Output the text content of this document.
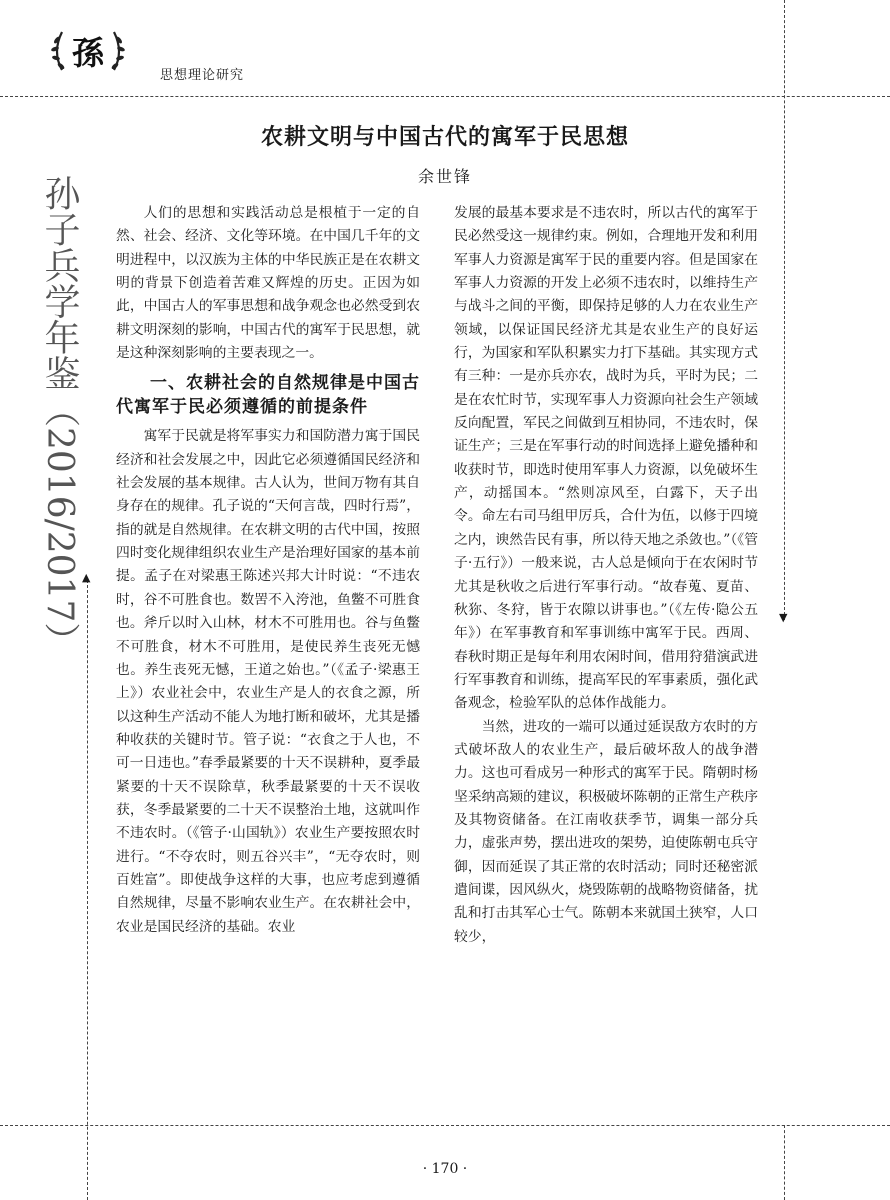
▲
▼
孫
思想理论研究
农耕文明与中国古代的寓军于民思想
余世锋
孙子兵学年鉴（2016/2017）	人们的思想和实践活动总是根植于一定的自然、社会、经济、文化等环境。在中国几千年的文明进程中，以汉族为主体的中华民族正是在农耕文明的背景下创造着苦难又辉煌的历史。正因为如此，中国古人的军事思想和战争观念也必然受到农耕文明深刻的影响，中国古代的寓军于民思想，就是这种深刻影响的主要表现之一。

一、农耕社会的自然规律是中国古代寓军于民必须遵循的前提条件

寓军于民就是将军事实力和国防潜力寓于国民经济和社会发展之中，因此它必须遵循国民经济和社会发展的基本规律。古人认为，世间万物有其自身存在的规律。孔子说的“天何言哉，四时行焉”，指的就是自然规律。在农耕文明的古代中国，按照四时变化规律组织农业生产是治理好国家的基本前提。孟子在对梁惠王陈述兴邦大计时说：“不违农时，谷不可胜食也。数罟不入洿池，鱼鳖不可胜食也。斧斤以时入山林，材木不可胜用也。谷与鱼鳖不可胜食，材木不可胜用，是使民养生丧死无憾也。养生丧死无憾，王道之始也。”（《孟子·梁惠王上》）农业社会中，农业生产是人的衣食之源，所以这种生产活动不能人为地打断和破坏，尤其是播种收获的关键时节。管子说：“衣食之于人也，不可一日违也。”春季最紧要的十天不误耕种，夏季最紧要的十天不误除草，秋季最紧要的十天不误收获，冬季最紧要的二十天不误整治土地，这就叫作不违农时。（《管子·山国轨》）农业生产要按照农时进行。“不夺农时，则五谷兴丰”，“无夺农时，则百姓富”。即使战争这样的大事，也应考虑到遵循自然规律，尽量不影响农业生产。在农耕社会中，农业是国民经济的基础。农业

发展的最基本要求是不违农时，所以古代的寓军于民必然受这一规律约束。例如，合理地开发和利用军事人力资源是寓军于民的重要内容。但是国家在军事人力资源的开发上必须不违农时，以维持生产与战斗之间的平衡，即保持足够的人力在农业生产领域，以保证国民经济尤其是农业生产的良好运行，为国家和军队积累实力打下基础。其实现方式有三种：一是亦兵亦农，战时为兵，平时为民；二是在农忙时节，实现军事人力资源向社会生产领域反向配置，军民之间做到互相协同，不违农时，保证生产；三是在军事行动的时间选择上避免播种和收获时节，即选时使用军事人力资源，以免破坏生产，动摇国本。“然则凉风至，白露下，天子出令。命左右司马组甲厉兵，合什为伍，以修于四境之内，谀然告民有事，所以待天地之杀敛也。”（《管子·五行》）一般来说，古人总是倾向于在农闲时节尤其是秋收之后进行军事行动。“故春蒐、夏苗、秋狝、冬狩，皆于农隙以讲事也。”（《左传·隐公五年》）在军事教育和军事训练中寓军于民。西周、春秋时期正是每年利用农闲时间，借用狩猎演武进行军事教育和训练，提高军民的军事素质，强化武备观念，检验军队的总体作战能力。

当然，进攻的一端可以通过延误敌方农时的方式破坏敌人的农业生产，最后破坏敌人的战争潜力。这也可看成另一种形式的寓军于民。隋朝时杨坚采纳高颎的建议，积极破坏陈朝的正常生产秩序及其物资储备。在江南收获季节，调集一部分兵力，虚张声势，摆出进攻的架势，迫使陈朝屯兵守御，因而延误了其正常的农时活动；同时还秘密派遣间谍，因风纵火，烧毁陈朝的战略物资储备，扰乱和打击其军心士气。陈朝本来就国土狭窄，人口较少，

· 170 ·
